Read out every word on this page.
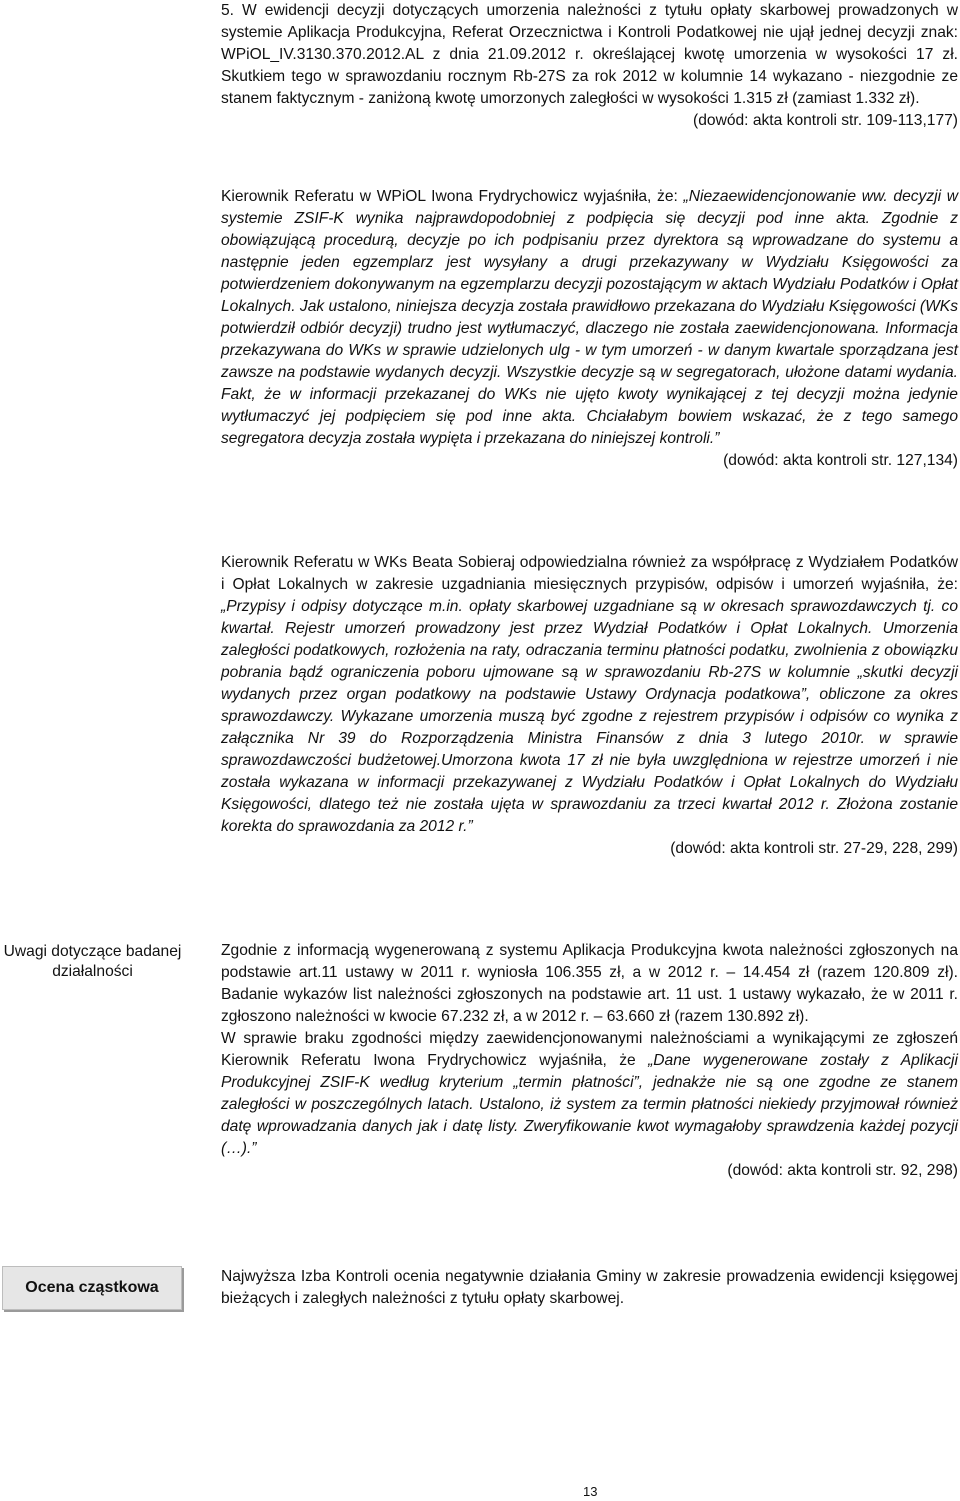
Uwagi dotyczące badanej działalności
Ocena cząstkowa

5. W ewidencji decyzji dotyczących umorzenia należności z tytułu opłaty skarbowej prowadzonych w systemie Aplikacja Produkcyjna, Referat Orzecznictwa i Kontroli Podatkowej nie ujął jednej decyzji znak: WPiOL_IV.3130.370.2012.AL z dnia 21.09.2012 r. określającej kwotę umorzenia w wysokości 17 zł. Skutkiem tego w sprawozdaniu rocznym Rb-27S za rok 2012 w kolumnie 14 wykazano - niezgodnie ze stanem faktycznym - zaniżoną kwotę umorzonych zaległości w wysokości 1.315 zł (zamiast 1.332 zł).

(dowód: akta kontroli str. 109-113,177)

Kierownik Referatu w WPiOL Iwona Frydrychowicz wyjaśniła, że: „Niezaewidencjonowanie ww. decyzji w systemie ZSIF-K wynika najprawdopodobniej z podpięcia się decyzji pod inne akta. Zgodnie z obowiązującą procedurą, decyzje po ich podpisaniu przez dyrektora są wprowadzane do systemu a następnie jeden egzemplarz jest wysyłany a drugi przekazywany w Wydziału Księgowości za potwierdzeniem dokonywanym na egzemplarzu decyzji pozostającym w aktach Wydziału Podatków i Opłat Lokalnych. Jak ustalono, niniejsza decyzja została prawidłowo przekazana do Wydziału Księgowości (WKs potwierdził odbiór decyzji) trudno jest wytłumaczyć, dlaczego nie została zaewidencjonowana. Informacja przekazywana do WKs w sprawie udzielonych ulg - w tym umorzeń - w danym kwartale sporządzana jest zawsze na podstawie wydanych decyzji. Wszystkie decyzje są w segregatorach, ułożone datami wydania. Fakt, że w informacji przekazanej do WKs nie ujęto kwoty wynikającej z tej decyzji można jedynie wytłumaczyć jej podpięciem się pod inne akta. Chciałabym bowiem wskazać, że z tego samego segregatora decyzja została wypięta i przekazana do niniejszej kontroli.”

(dowód: akta kontroli str. 127,134)

Kierownik Referatu w WKs Beata Sobieraj odpowiedzialna również za współpracę z Wydziałem Podatków i Opłat Lokalnych w zakresie uzgadniania miesięcznych przypisów, odpisów i umorzeń wyjaśniła, że: „Przypisy i odpisy dotyczące m.in. opłaty skarbowej uzgadniane są w okresach sprawozdawczych tj. co kwartał. Rejestr umorzeń prowadzony jest przez Wydział Podatków i Opłat Lokalnych. Umorzenia zaległości podatkowych, rozłożenia na raty, odraczania terminu płatności podatku, zwolnienia z obowiązku pobrania bądź ograniczenia poboru ujmowane są w sprawozdaniu Rb-27S w kolumnie „skutki decyzji wydanych przez organ podatkowy na podstawie Ustawy Ordynacja podatkowa”, obliczone za okres sprawozdawczy. Wykazane umorzenia muszą być zgodne z rejestrem przypisów i odpisów co wynika z załącznika Nr 39 do Rozporządzenia Ministra Finansów z dnia 3 lutego 2010r. w sprawie sprawozdawczości budżetowej.Umorzona kwota 17 zł nie była uwzględniona w rejestrze umorzeń i nie została wykazana w informacji przekazywanej z Wydziału Podatków i Opłat Lokalnych do Wydziału Księgowości, dlatego też nie została ujęta w sprawozdaniu za trzeci kwartał 2012 r. Złożona zostanie korekta do sprawozdania za 2012 r.”

(dowód: akta kontroli str. 27-29, 228, 299)

Zgodnie z informacją wygenerowaną z systemu Aplikacja Produkcyjna kwota należności zgłoszonych na podstawie art.11 ustawy w 2011 r. wyniosła 106.355 zł, a w 2012 r. – 14.454 zł (razem 120.809 zł). Badanie wykazów list należności zgłoszonych na podstawie art. 11 ust. 1 ustawy wykazało, że w 2011 r. zgłoszono należności w kwocie 67.232 zł, a w 2012 r. – 63.660 zł (razem 130.892 zł).

W sprawie braku zgodności między zaewidencjonowanymi należnościami a wynikającymi ze zgłoszeń Kierownik Referatu Iwona Frydrychowicz wyjaśniła, że „Dane wygenerowane zostały z Aplikacji Produkcyjnej ZSIF-K według kryterium „termin płatności”, jednakże nie są one zgodne ze stanem zaległości w poszczególnych latach. Ustalono, iż system za termin płatności niekiedy przyjmował również datę wprowadzania danych jak i datę listy. Zweryfikowanie kwot wymagałoby sprawdzenia każdej pozycji (…).”

(dowód: akta kontroli str. 92, 298)

Najwyższa Izba Kontroli ocenia negatywnie działania Gminy w zakresie prowadzenia ewidencji księgowej bieżących i zaległych należności z tytułu opłaty skarbowej.

13
